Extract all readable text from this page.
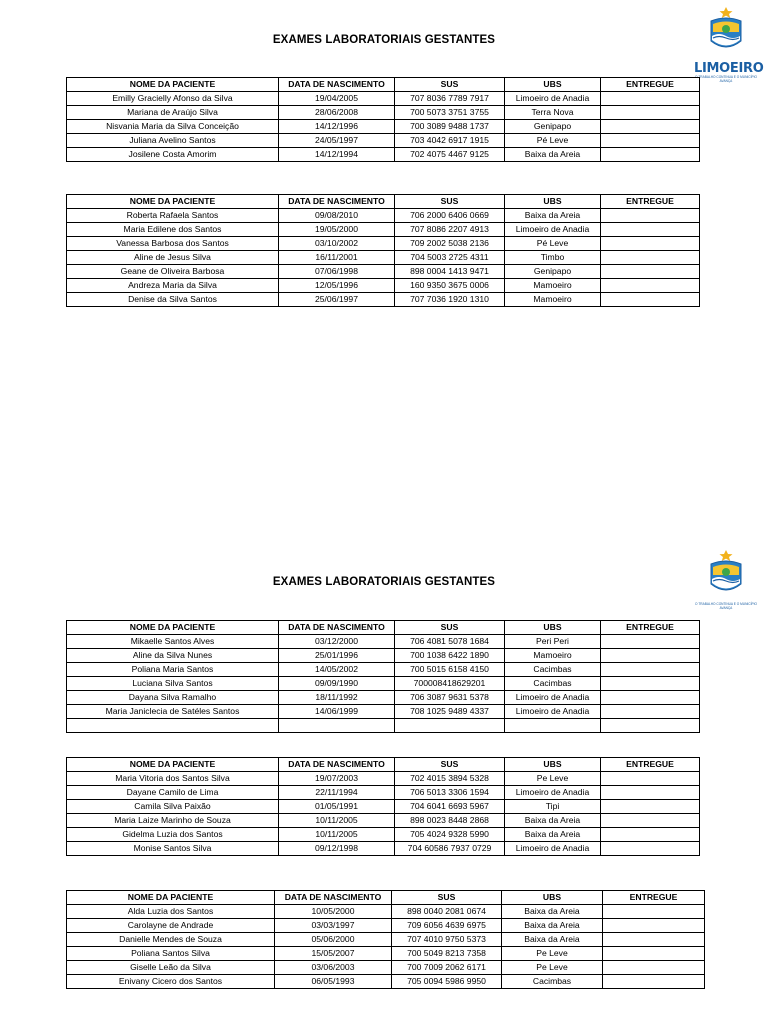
EXAMES LABORATORIAIS GESTANTES
LIMOEIRO
O TRABALHO CONTINUA E O MUNICÍPIO AVANÇA
NOME DA PACIENTE	DATA DE NASCIMENTO	SUS	UBS	ENTREGUE
Emilly Gracielly Afonso da Silva	19/04/2005	707 8036 7789 7917	Limoeiro de Anadia	
Mariana de Araújo Silva	28/06/2008	700 5073 3751 3755	Terra Nova	
Nisvania Maria da Silva Conceição	14/12/1996	700 3089 9488 1737	Genipapo	
Juliana Avelino Santos	24/05/1997	703 4042 6917 1915	Pé Leve	
Josilene Costa Amorim	14/12/1994	702 4075 4467 9125	Baixa da Areia	
NOME DA PACIENTE	DATA DE NASCIMENTO	SUS	UBS	ENTREGUE
Roberta Rafaela Santos	09/08/2010	706 2000 6406 0669	Baixa da Areia	
Maria Edilene dos Santos	19/05/2000	707 8086 2207 4913	Limoeiro de Anadia	
Vanessa Barbosa dos Santos	03/10/2002	709 2002 5038 2136	Pé Leve	
Aline de Jesus Silva	16/11/2001	704 5003 2725 4311	Timbo	
Geane de Oliveira Barbosa	07/06/1998	898 0004 1413 9471	Genipapo	
Andreza Maria da Silva	12/05/1996	160 9350 3675 0006	Mamoeiro	
Denise da Silva Santos	25/06/1997	707 7036 1920 1310	Mamoeiro	
EXAMES LABORATORIAIS GESTANTES
O TRABALHO CONTINUA E O MUNICÍPIO AVANÇA
NOME DA PACIENTE	DATA DE NASCIMENTO	SUS	UBS	ENTREGUE
Mikaelle Santos Alves	03/12/2000	706 4081 5078 1684	Peri Peri	
Aline da Silva Nunes	25/01/1996	700 1038 6422 1890	Mamoeiro	
Poliana Maria Santos	14/05/2002	700 5015 6158 4150	Cacimbas	
Luciana Silva Santos	09/09/1990	700008418629201	Cacimbas	
Dayana Silva Ramalho	18/11/1992	706 3087 9631 5378	Limoeiro de Anadia	
Maria Janiclecia de Satéles Santos	14/06/1999	708 1025 9489 4337	Limoeiro de Anadia	

NOME DA PACIENTE	DATA DE NASCIMENTO	SUS	UBS	ENTREGUE
Maria Vitoria dos Santos Silva	19/07/2003	702 4015 3894 5328	Pe Leve	
Dayane Camilo de Lima	22/11/1994	706 5013 3306 1594	Limoeiro de Anadia	
Camila Silva Paixão	01/05/1991	704 6041 6693 5967	Tipi	
Maria Laize Marinho de Souza	10/11/2005	898 0023 8448 2868	Baixa da Areia	
Gidelma Luzia dos Santos	10/11/2005	705 4024 9328 5990	Baixa da Areia	
Monise Santos Silva	09/12/1998	704 60586 7937 0729	Limoeiro de Anadia	
NOME DA PACIENTE	DATA DE NASCIMENTO	SUS	UBS	ENTREGUE
Alda Luzia dos Santos	10/05/2000	898 0040 2081 0674	Baixa da Areia	
Carolayne de Andrade	03/03/1997	709 6056 4639 6975	Baixa da Areia	
Danielle Mendes de Souza	05/06/2000	707 4010 9750 5373	Baixa da Areia	
Poliana Santos Silva	15/05/2007	700 5049 8213 7358	Pe Leve	
Giselle Leão da Silva	03/06/2003	700 7009 2062 6171	Pe Leve	
Enivany Cicero dos Santos	06/05/1993	705 0094 5986 9950	Cacimbas	
